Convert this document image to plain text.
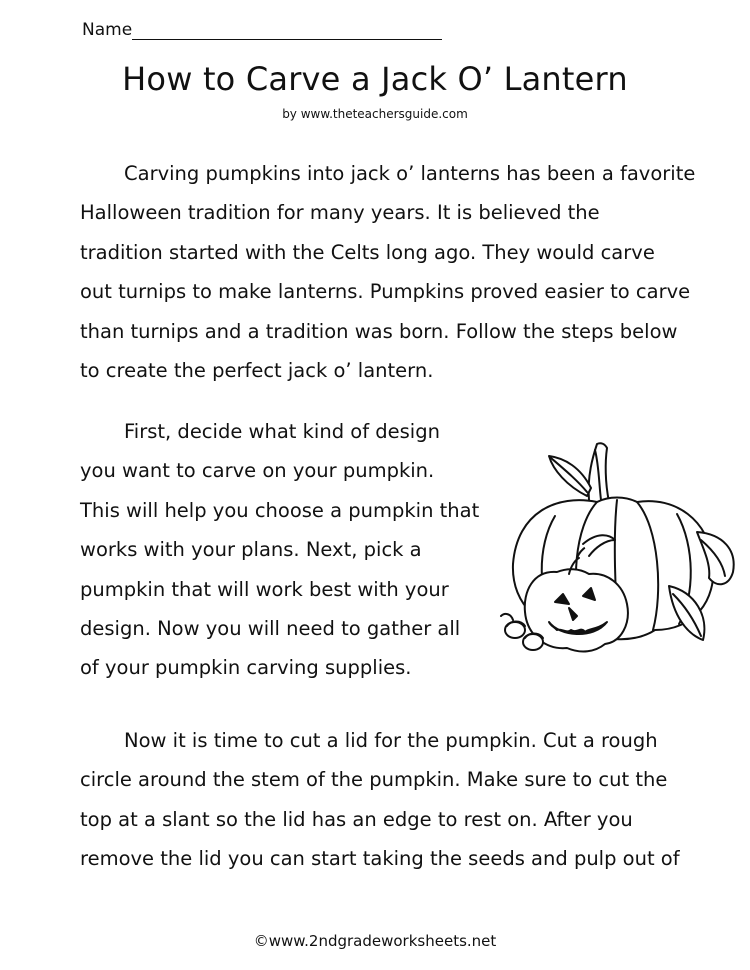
Name
How to Carve a Jack O’ Lantern
by www.theteachersguide.com
Carving pumpkins into jack o’ lanterns has been a favorite
Halloween tradition for many years. It is believed the
tradition started with the Celts long ago. They would carve
out turnips to make lanterns. Pumpkins proved easier to carve
than turnips and a tradition was born. Follow the steps below
to create the perfect jack o’ lantern.
First, decide what kind of design
you want to carve on your pumpkin.
This will help you choose a pumpkin that
works with your plans. Next, pick a
pumpkin that will work best with your
design. Now you will need to gather all
of your pumpkin carving supplies.
Now it is time to cut a lid for the pumpkin. Cut a rough
circle around the stem of the pumpkin. Make sure to cut the
top at a slant so the lid has an edge to rest on. After you
remove the lid you can start taking the seeds and pulp out of
©www.2ndgradeworksheets.net
